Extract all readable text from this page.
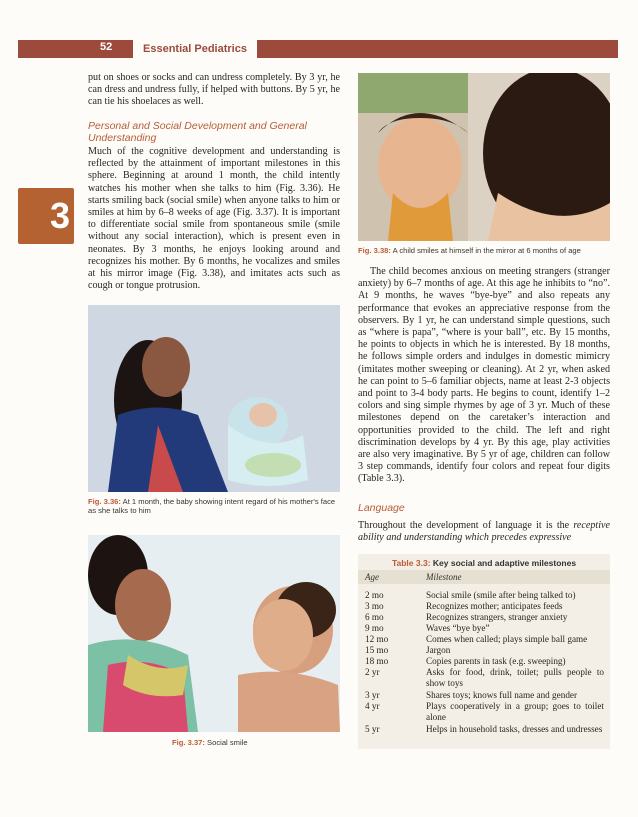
52	Essential Pediatrics
3
put on shoes or socks and can undress completely. By 3 yr, he can dress and undress fully, if helped with buttons. By 5 yr, he can tie his shoelaces as well.
Personal and Social Development and General Understanding
Much of the cognitive development and understanding is reflected by the attainment of important milestones in this sphere. Beginning at around 1 month, the child intently watches his mother when she talks to him (Fig. 3.36). He starts smiling back (social smile) when anyone talks to him or smiles at him by 6–8 weeks of age (Fig. 3.37). It is important to differentiate social smile from spontaneous smile (smile without any social interaction), which is present even in neonates. By 3 months, he enjoys looking around and recognizes his mother. By 6 months, he vocalizes and smiles at his mirror image (Fig. 3.38), and imitates acts such as cough or tongue protrusion.
Fig. 3.36: At 1 month, the baby showing intent regard of his mother's face as she talks to him
Fig. 3.37: Social smile
Fig. 3.38: A child smiles at himself in the mirror at 6 months of age
The child becomes anxious on meeting strangers (stranger anxiety) by 6–7 months of age. At this age he inhibits to “no”. At 9 months, he waves “bye-bye” and also repeats any performance that evokes an appreciative response from the observers. By 1 yr, he can understand simple questions, such as “where is papa”, “where is your ball”, etc. By 15 months, he points to objects in which he is interested. By 18 months, he follows simple orders and indulges in domestic mimicry (imitates mother sweeping or cleaning). At 2 yr, when asked he can point to 5–6 familiar objects, name at least 2-3 objects and point to 3-4 body parts. He begins to count, identify 1–2 colors and sing simple rhymes by age of 3 yr. Much of these milestones depend on the caretaker’s interaction and opportunities provided to the child. The left and right discrimination develops by 4 yr. By this age, play activities are also very imaginative. By 5 yr of age, children can follow 3 step commands, identify four colors and repeat four digits (Table 3.3).
Language
Throughout the development of language it is the receptive ability and understanding which precedes expressive
Table 3.3: Key social and adaptive milestones
Age	Milestone
2 mo	Social smile (smile after being talked to)
3 mo	Recognizes mother; anticipates feeds
6 mo	Recognizes strangers, stranger anxiety
9 mo	Waves “bye bye”
12 mo	Comes when called; plays simple ball game
15 mo	Jargon
18 mo	Copies parents in task (e.g. sweeping)
2 yr	Asks for food, drink, toilet; pulls people to show toys
3 yr	Shares toys; knows full name and gender
4 yr	Plays cooperatively in a group; goes to toilet alone
5 yr	Helps in household tasks, dresses and undresses
